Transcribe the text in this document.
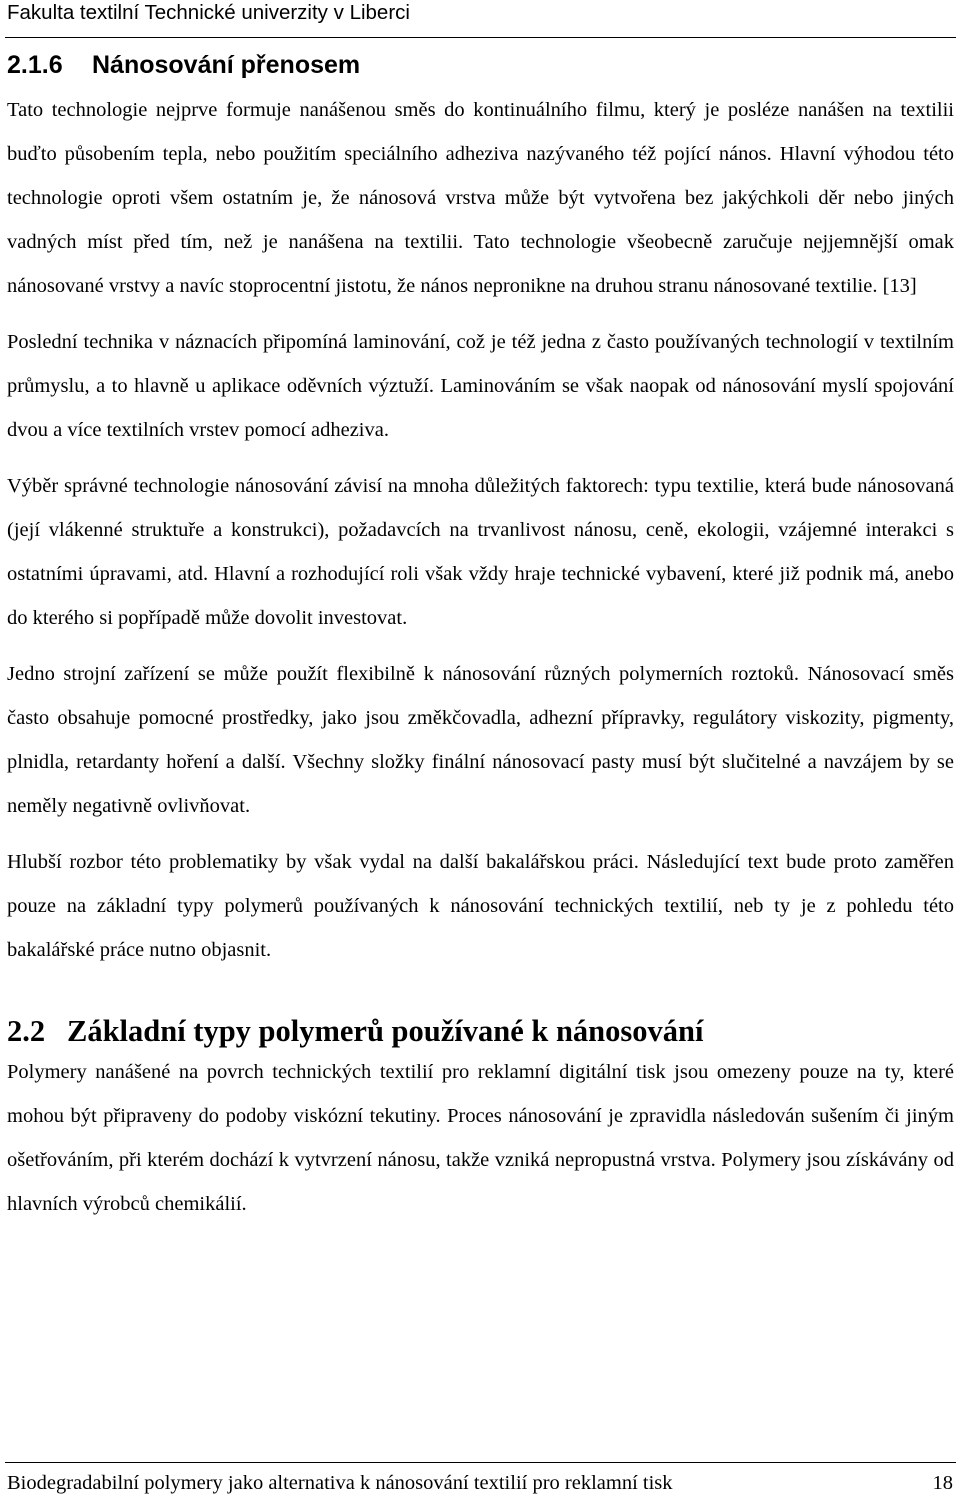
Fakulta textilní Technické univerzity v Liberci
2.1.6 Nánosování přenosem

Tato technologie nejprve formuje nanášenou směs do kontinuálního filmu, který je posléze nanášen na textilii buďto působením tepla, nebo použitím speciálního adheziva nazývaného též pojící nános. Hlavní výhodou této technologie oproti všem ostatním je, že nánosová vrstva může být vytvořena bez jakýchkoli děr nebo jiných vadných míst před tím, než je nanášena na textilii. Tato technologie všeobecně zaručuje nejjemnější omak nánosované vrstvy a navíc stoprocentní jistotu, že nános nepronikne na druhou stranu nánosované textilie. [13]

Poslední technika v náznacích připomíná laminování, což je též jedna z často používaných technologií v textilním průmyslu, a to hlavně u aplikace oděvních výztuží. Laminováním se však naopak od nánosování myslí spojování dvou a více textilních vrstev pomocí adheziva.

Výběr správné technologie nánosování závisí na mnoha důležitých faktorech: typu textilie, která bude nánosovaná (její vlákenné struktuře a konstrukci), požadavcích na trvanlivost nánosu, ceně, ekologii, vzájemné interakci s ostatními úpravami, atd. Hlavní a rozhodující roli však vždy hraje technické vybavení, které již podnik má, anebo do kterého si popřípadě může dovolit investovat.

Jedno strojní zařízení se může použít flexibilně k nánosování různých polymerních roztoků. Nánosovací směs často obsahuje pomocné prostředky, jako jsou změkčovadla, adhezní přípravky, regulátory viskozity, pigmenty, plnidla, retardanty hoření a další. Všechny složky finální nánosovací pasty musí být slučitelné a navzájem by se neměly negativně ovlivňovat.

Hlubší rozbor této problematiky by však vydal na další bakalářskou práci. Následující text bude proto zaměřen pouze na základní typy polymerů používaných k nánosování technických textilií, neb ty je z pohledu této bakalářské práce nutno objasnit.

2.2 Základní typy polymerů používané k nánosování

Polymery nanášené na povrch technických textilií pro reklamní digitální tisk jsou omezeny pouze na ty, které mohou být připraveny do podoby viskózní tekutiny. Proces nánosování je zpravidla následován sušením či jiným ošetřováním, při kterém dochází k vytvrzení nánosu, takže vzniká nepropustná vrstva. Polymery jsou získávány od hlavních výrobců chemikálií.

Biodegradabilní polymery jako alternativa k nánosování textilií pro reklamní tisk	18
